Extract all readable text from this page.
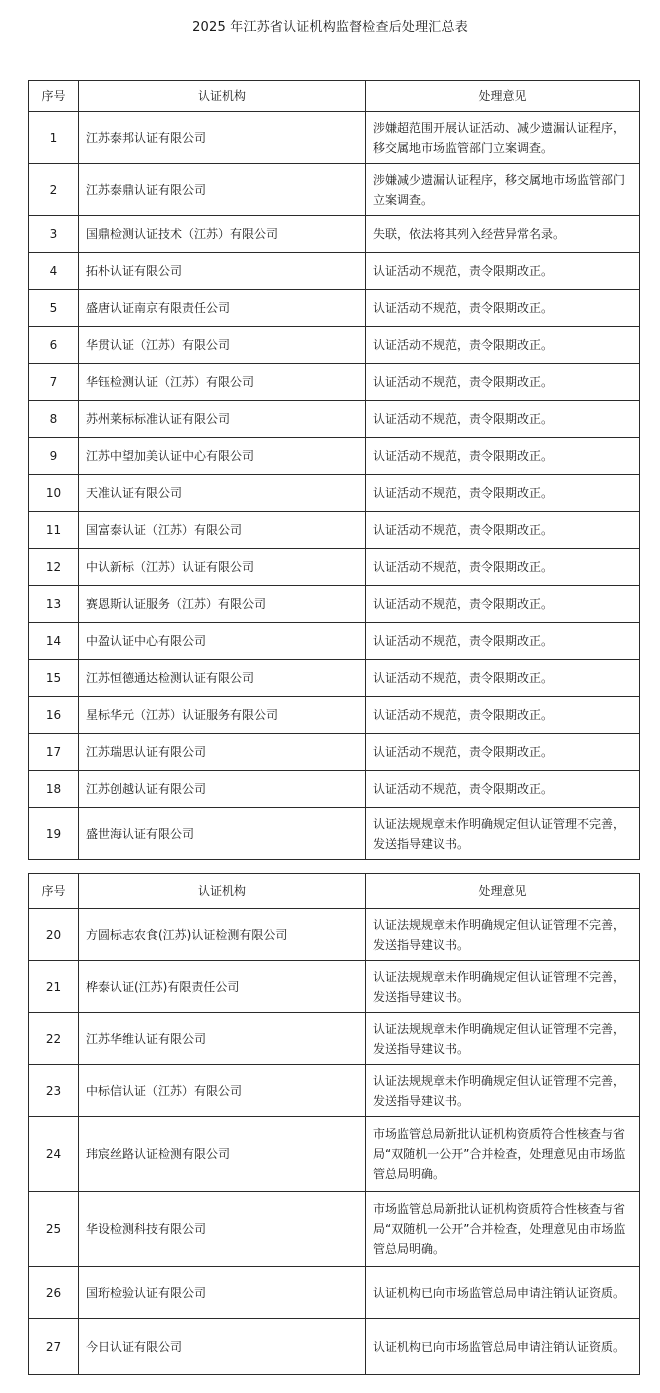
2025 年江苏省认证机构监督检查后处理汇总表
序号	认证机构	处理意见
1	江苏泰邦认证有限公司	涉嫌超范围开展认证活动、减少遗漏认证程序，移交属地市场监管部门立案调查。
2	江苏泰鼎认证有限公司	涉嫌减少遗漏认证程序，移交属地市场监管部门立案调查。
3	国鼎检测认证技术（江苏）有限公司	失联，依法将其列入经营异常名录。
4	拓朴认证有限公司	认证活动不规范，责令限期改正。
5	盛唐认证南京有限责任公司	认证活动不规范，责令限期改正。
6	华贯认证（江苏）有限公司	认证活动不规范，责令限期改正。
7	华钰检测认证（江苏）有限公司	认证活动不规范，责令限期改正。
8	苏州莱标标准认证有限公司	认证活动不规范，责令限期改正。
9	江苏中望加美认证中心有限公司	认证活动不规范，责令限期改正。
10	天准认证有限公司	认证活动不规范，责令限期改正。
11	国富泰认证（江苏）有限公司	认证活动不规范，责令限期改正。
12	中认新标（江苏）认证有限公司	认证活动不规范，责令限期改正。
13	赛恩斯认证服务（江苏）有限公司	认证活动不规范，责令限期改正。
14	中盈认证中心有限公司	认证活动不规范，责令限期改正。
15	江苏恒德通达检测认证有限公司	认证活动不规范，责令限期改正。
16	星标华元（江苏）认证服务有限公司	认证活动不规范，责令限期改正。
17	江苏瑞思认证有限公司	认证活动不规范，责令限期改正。
18	江苏创越认证有限公司	认证活动不规范，责令限期改正。
19	盛世海认证有限公司	认证法规规章未作明确规定但认证管理不完善，发送指导建议书。
序号	认证机构	处理意见
20	方圆标志农食(江苏)认证检测有限公司	认证法规规章未作明确规定但认证管理不完善，发送指导建议书。
21	桦泰认证(江苏)有限责任公司	认证法规规章未作明确规定但认证管理不完善，发送指导建议书。
22	江苏华维认证有限公司	认证法规规章未作明确规定但认证管理不完善，发送指导建议书。
23	中标信认证（江苏）有限公司	认证法规规章未作明确规定但认证管理不完善，发送指导建议书。
24	玮宸丝路认证检测有限公司	市场监管总局新批认证机构资质符合性核查与省局“双随机一公开”合并检查，处理意见由市场监管总局明确。
25	华设检测科技有限公司	市场监管总局新批认证机构资质符合性核查与省局“双随机一公开”合并检查，处理意见由市场监管总局明确。
26	国珩检验认证有限公司	认证机构已向市场监管总局申请注销认证资质。
27	今日认证有限公司	认证机构已向市场监管总局申请注销认证资质。
